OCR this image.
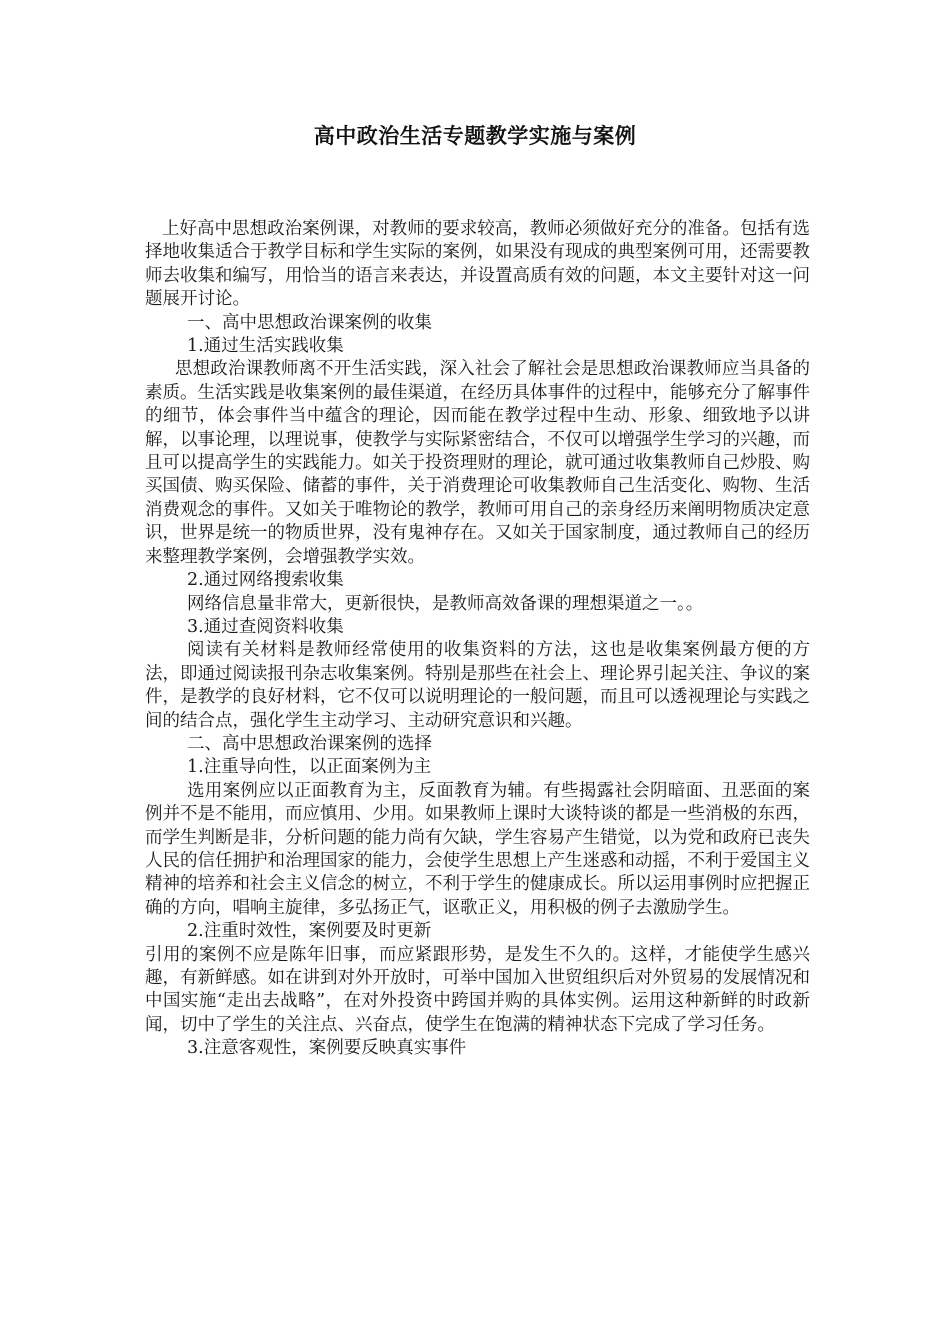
高中政治生活专题教学实施与案例

上好高中思想政治案例课，对教师的要求较高，教师必须做好充分的准备。包括有选择地收集适合于教学目标和学生实际的案例，如果没有现成的典型案例可用，还需要教师去收集和编写，用恰当的语言来表达，并设置高质有效的问题，本文主要针对这一问题展开讨论。

一、高中思想政治课案例的收集

1.通过生活实践收集

思想政治课教师离不开生活实践，深入社会了解社会是思想政治课教师应当具备的素质。生活实践是收集案例的最佳渠道，在经历具体事件的过程中，能够充分了解事件的细节，体会事件当中蕴含的理论，因而能在教学过程中生动、形象、细致地予以讲解，以事论理，以理说事，使教学与实际紧密结合，不仅可以增强学生学习的兴趣，而且可以提高学生的实践能力。如关于投资理财的理论，就可通过收集教师自己炒股、购买国债、购买保险、储蓄的事件，关于消费理论可收集教师自己生活变化、购物、生活消费观念的事件。又如关于唯物论的教学，教师可用自己的亲身经历来阐明物质决定意识，世界是统一的物质世界，没有鬼神存在。又如关于国家制度，通过教师自己的经历来整理教学案例，会增强教学实效。

2.通过网络搜索收集

网络信息量非常大，更新很快，是教师高效备课的理想渠道之一。。

3.通过查阅资料收集

阅读有关材料是教师经常使用的收集资料的方法，这也是收集案例最方便的方法，即通过阅读报刊杂志收集案例。特别是那些在社会上、理论界引起关注、争议的案件，是教学的良好材料，它不仅可以说明理论的一般问题，而且可以透视理论与实践之间的结合点，强化学生主动学习、主动研究意识和兴趣。

二、高中思想政治课案例的选择

1.注重导向性，以正面案例为主

选用案例应以正面教育为主，反面教育为辅。有些揭露社会阴暗面、丑恶面的案例并不是不能用，而应慎用、少用。如果教师上课时大谈特谈的都是一些消极的东西，而学生判断是非，分析问题的能力尚有欠缺，学生容易产生错觉，以为党和政府已丧失人民的信任拥护和治理国家的能力，会使学生思想上产生迷惑和动摇，不利于爱国主义精神的培养和社会主义信念的树立，不利于学生的健康成长。所以运用事例时应把握正确的方向，唱响主旋律，多弘扬正气，讴歌正义，用积极的例子去激励学生。

2.注重时效性，案例要及时更新

引用的案例不应是陈年旧事，而应紧跟形势，是发生不久的。这样，才能使学生感兴趣，有新鲜感。如在讲到对外开放时，可举中国加入世贸组织后对外贸易的发展情况和中国实施“走出去战略”，在对外投资中跨国并购的具体实例。运用这种新鲜的时政新闻，切中了学生的关注点、兴奋点，使学生在饱满的精神状态下完成了学习任务。

3.注意客观性，案例要反映真实事件
